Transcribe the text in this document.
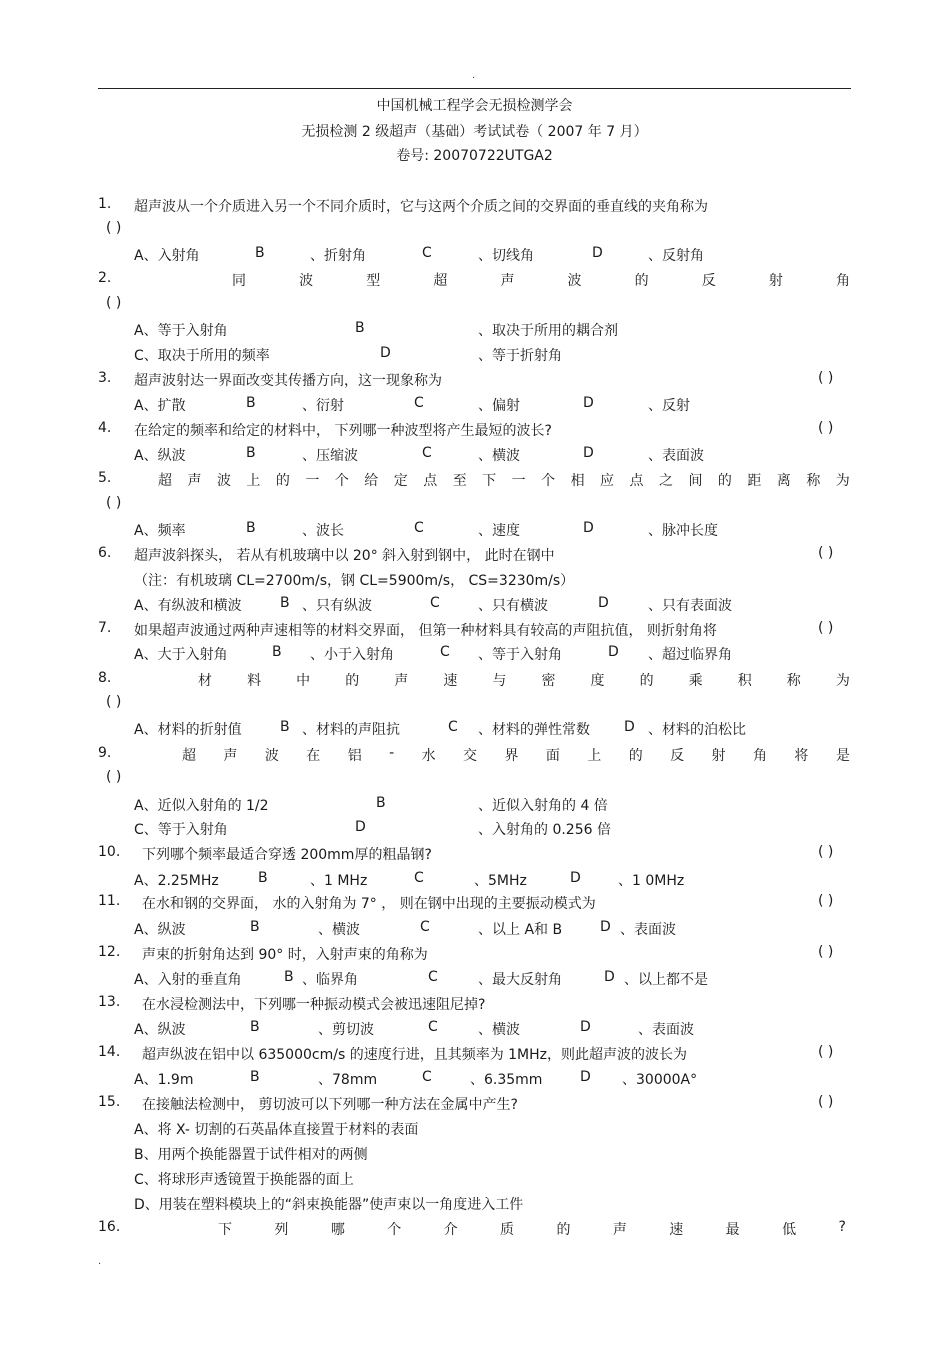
.
中国机械工程学会无损检测学会
无损检测 2 级超声（基础）考试试卷（ 2007 年 7 月）
卷号: 20070722UTGA2
1. 超声波从一个介质进入另一个不同介质时，它与这两个介质之间的交界面的垂直线的夹角称为
( )
A、入射角	B	、折射角	C	、切线角	D	、反射角
2.	同	波	型	超	声	波	的	反	射	角
( )
A、等于入射角	B	、取决于所用的耦合剂
C、取决于所用的频率	D	、等于折射角
3. 超声波射达一界面改变其传播方向，这一现象称为	( )
A、扩散	B	、衍射	C	、偏射	D	、反射
4. 在给定的频率和给定的材料中， 下列哪一种波型将产生最短的波长?	( )
A、纵波	B	、压缩波	C	、横波	D	、表面波
5.	超 声 波 上 的 一 个 给 定 点 至 下 一 个 相 应 点 之 间 的 距 离 称 为
( )
A、频率	B	、波长	C	、速度	D	、脉冲长度
6. 超声波斜探头， 若从有机玻璃中以 20° 斜入射到钢中， 此时在钢中	( )
（注：有机玻璃 CL=2700m/s，钢 CL=5900m/s， CS=3230m/s）
A、有纵波和横波	B 、只有纵波	C	、只有横波	D	、只有表面波
7. 如果超声波通过两种声速相等的材料交界面， 但第一种材料具有较高的声阻抗值， 则折射角将	( )
A、大于入射角	B 、小于入射角	C 、等于入射角	D 、超过临界角
8.	材	料	中	的	声	速	与	密	度	的	乘	积	称	为
( )
A、材料的折射值	B 、材料的声阻抗	C 、材料的弹性常数 D 、材料的泊松比
9.	超 声 波 在 铝 - 水 交 界 面 上 的 反 射 角 将 是
( )
A、近似入射角的 1/2	B	、近似入射角的 4 倍
C、等于入射角	D	、入射角的 0.256 倍
10. 下列哪个频率最适合穿透 200mm厚的粗晶钢?	( )
A、2.25MHz	B	、1 MHz	C	、5MHz	D	、1 0MHz
11. 在水和钢的交界面， 水的入射角为 7° ， 则在钢中出现的主要振动模式为	( )
A、纵波	B	、横波	C	、以上 A和 B	D 、表面波
12. 声束的折射角达到 90° 时，入射声束的角称为	( )
A、入射的垂直角	B 、临界角	C	、最大反射角	D 、以上都不是
13. 在水浸检测法中，下列哪一种振动模式会被迅速阻尼掉?
A、纵波	B	、剪切波	C	、横波	D	、表面波
14. 超声纵波在铝中以 635000cm/s 的速度行进，且其频率为 1MHz，则此超声波的波长为	( )
A、1.9m	B	、78mm	C	、6.35mm	D 、30000A°
15. 在接触法检测中， 剪切波可以下列哪一种方法在金属中产生?	( )
A、将 X- 切割的石英晶体直接置于材料的表面
B、用两个换能器置于试件相对的两侧
C、将球形声透镜置于换能器的面上
D、用装在塑料模块上的“斜束换能器”使声束以一角度进入工件
16.	下	列	哪	个	介	质	的	声	速	最	低	?
.
